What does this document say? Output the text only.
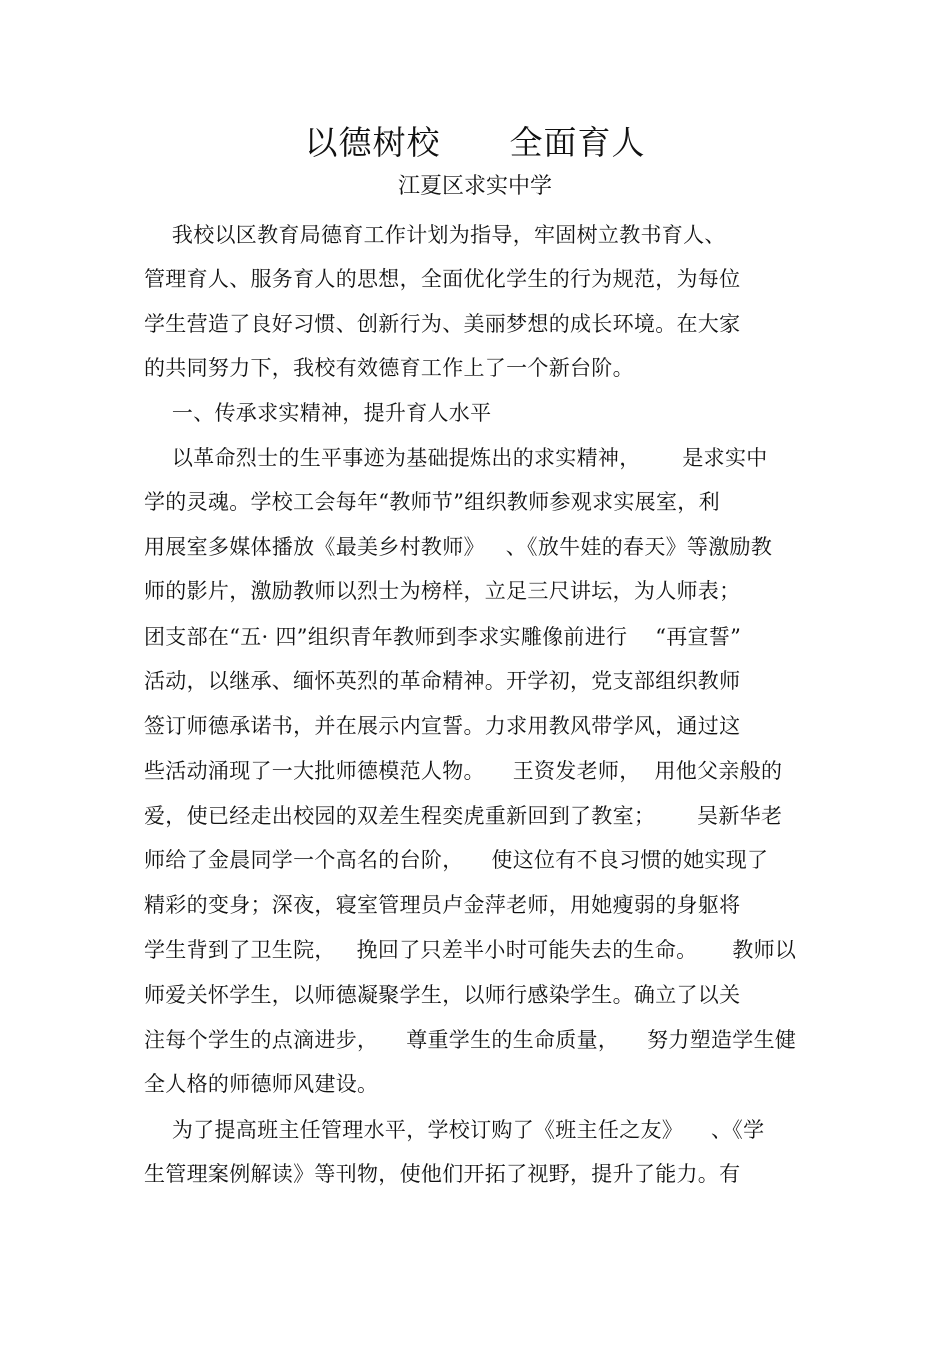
以德树校      全面育人
江夏区求实中学
我校以区教育局德育工作计划为指导，牢固树立教书育人、
管理育人、服务育人的思想，全面优化学生的行为规范，为每位
学生营造了良好习惯、创新行为、美丽梦想的成长环境。在大家
的共同努力下，我校有效德育工作上了一个新台阶。
一、传承求实精神，提升育人水平
以革命烈士的生平事迹为基础提炼出的求实精神，      是求实中
学的灵魂。学校工会每年“教师节”组织教师参观求实展室，利
用展室多媒体播放《最美乡村教师》   、《放牛娃的春天》等激励教
师的影片，激励教师以烈士为榜样，立足三尺讲坛，为人师表；
团支部在“五· 四”组织青年教师到李求实雕像前进行    “再宣誓”
活动，以继承、缅怀英烈的革命精神。开学初，党支部组织教师
签订师德承诺书，并在展示内宣誓。力求用教风带学风，通过这
些活动涌现了一大批师德模范人物。    王资发老师，  用他父亲般的
爱，使已经走出校园的双差生程奕虎重新回到了教室；      吴新华老
师给了金晨同学一个高名的台阶，    使这位有不良习惯的她实现了
精彩的变身；深夜，寝室管理员卢金萍老师，用她瘦弱的身躯将
学生背到了卫生院，   挽回了只差半小时可能失去的生命。     教师以
师爱关怀学生，以师德凝聚学生，以师行感染学生。确立了以关
注每个学生的点滴进步，    尊重学生的生命质量，    努力塑造学生健
全人格的师德师风建设。
为了提高班主任管理水平，学校订购了《班主任之友》    、《学
生管理案例解读》等刊物，使他们开拓了视野，提升了能力。有
